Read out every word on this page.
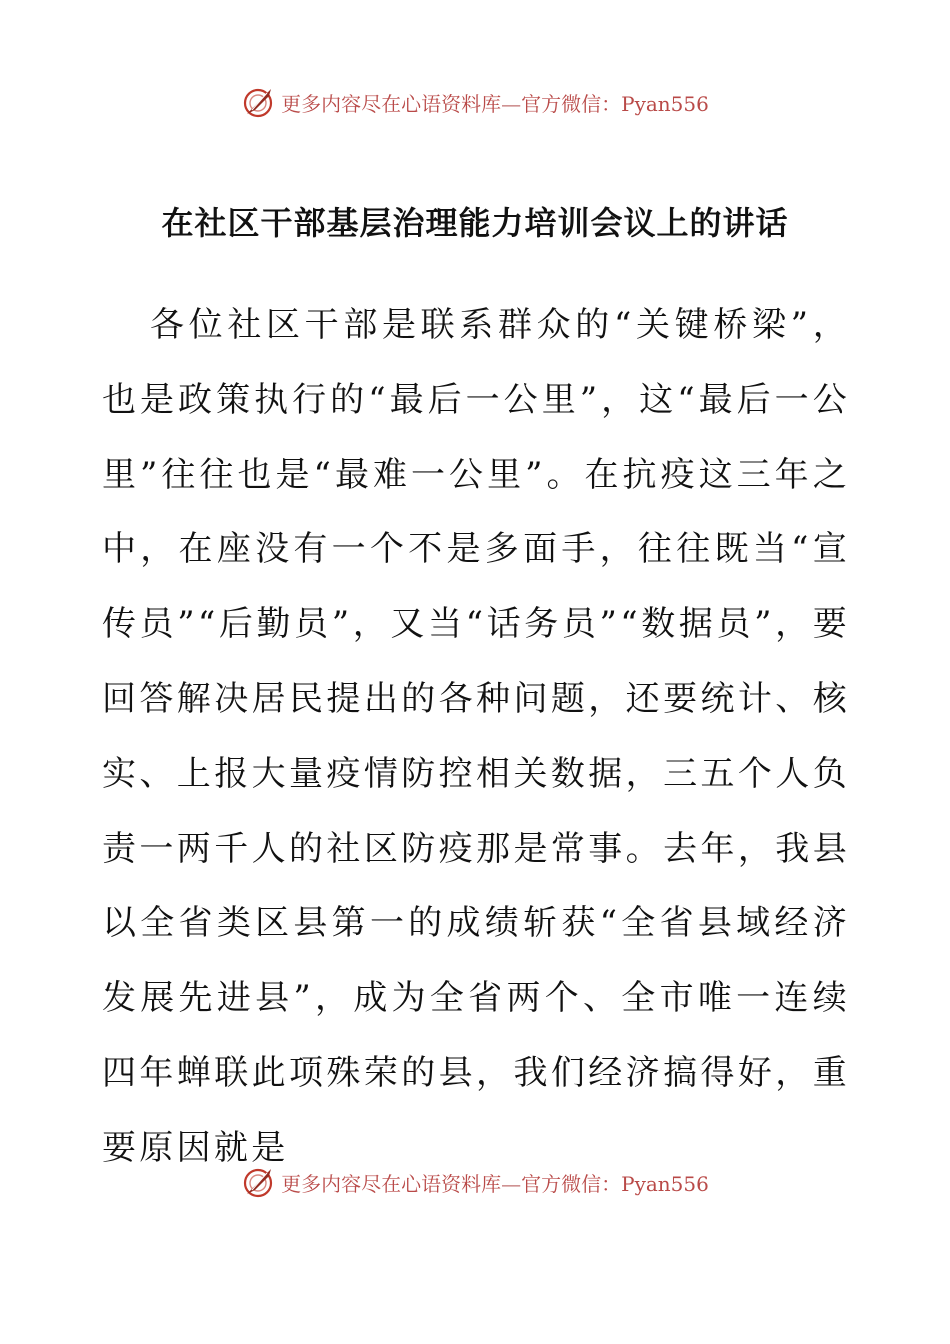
更多内容尽在心语资料库—官方微信：Pyan556
在社区干部基层治理能力培训会议上的讲话

各位社区干部是联系群众的“关键桥梁”，也是政策执行的“最后一公里”，这“最后一公里”往往也是“最难一公里”。在抗疫这三年之中，在座没有一个不是多面手，往往既当“宣传员”“后勤员”，又当“话务员”“数据员”，要回答解决居民提出的各种问题，还要统计、核实、上报大量疫情防控相关数据，三五个人负责一两千人的社区防疫那是常事。去年，我县以全省类区县第一的成绩斩获“全省县域经济发展先进县”，成为全省两个、全市唯一连续四年蝉联此项殊荣的县，我们经济搞得好，重要原因就是

更多内容尽在心语资料库—官方微信：Pyan556
